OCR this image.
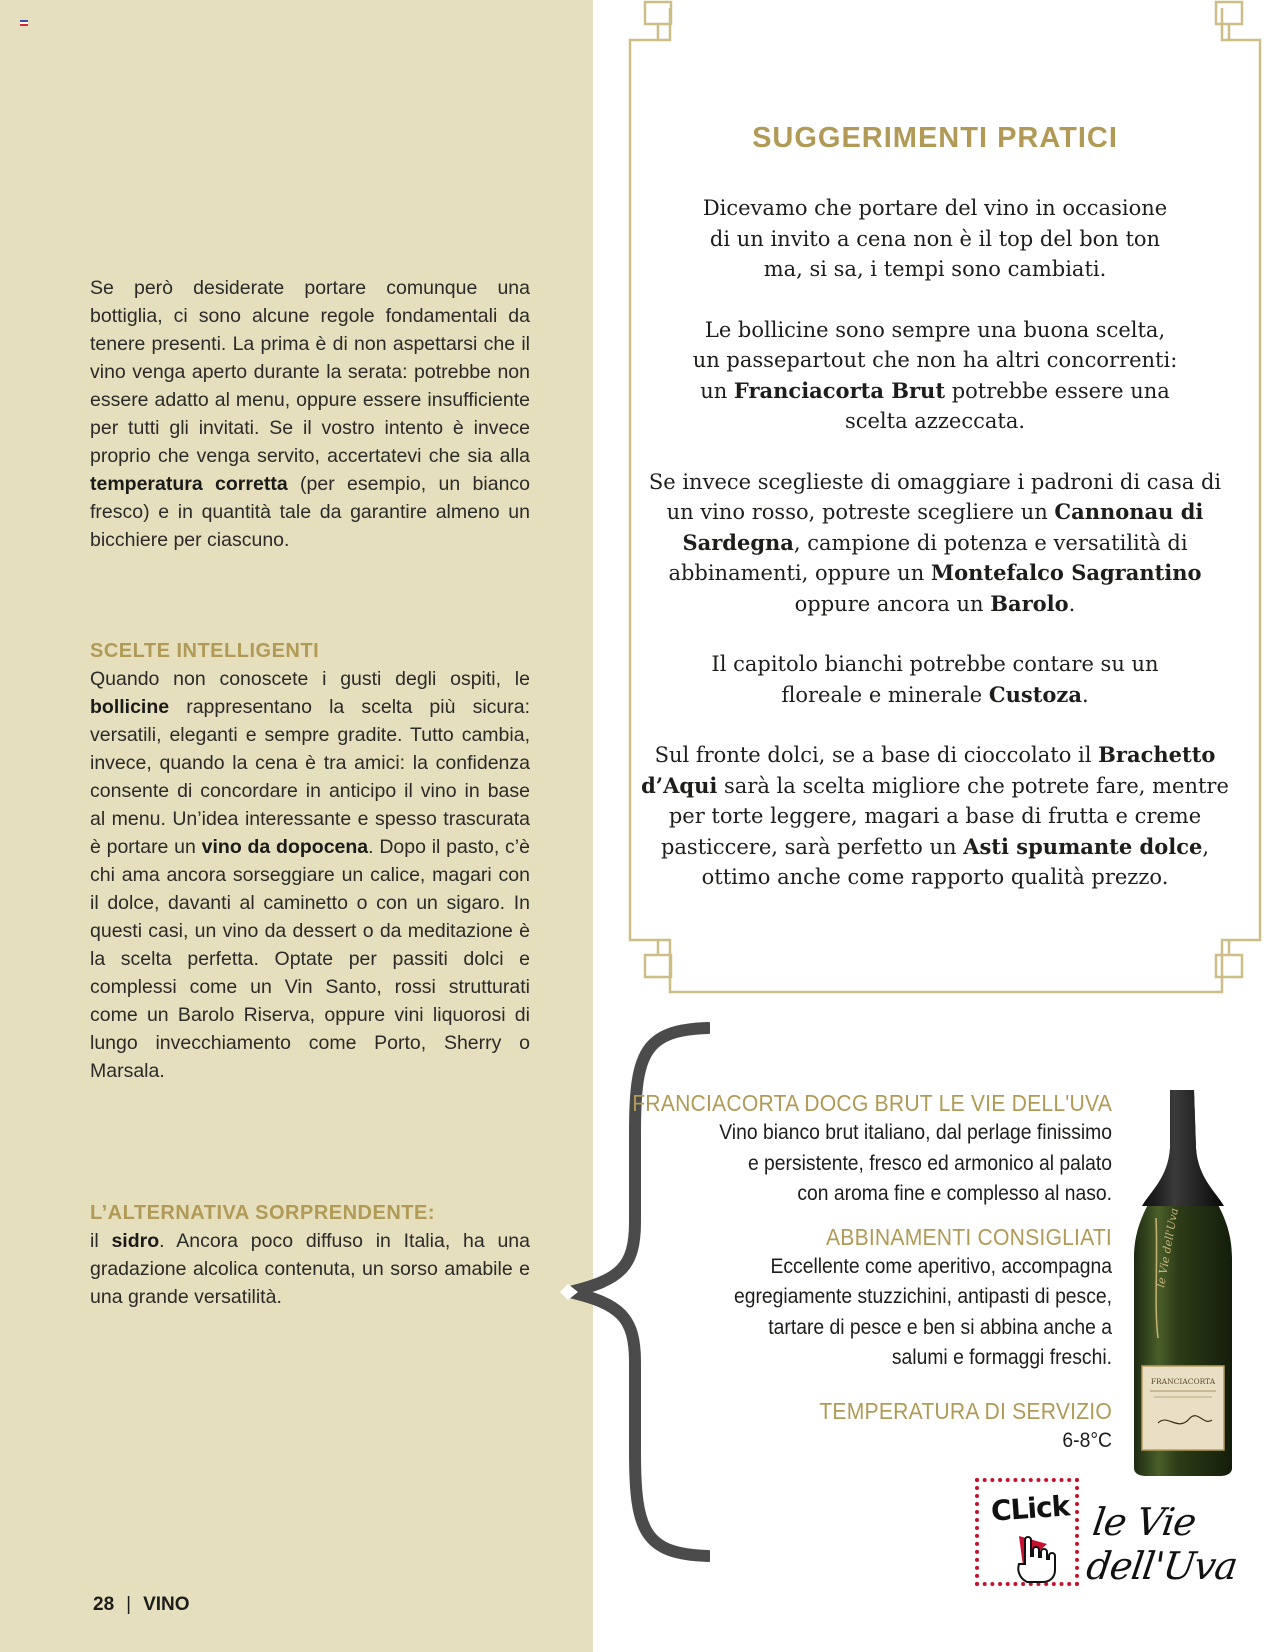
Se però desiderate portare comunque una bottiglia, ci sono alcune regole fondamentali da tenere presenti. La prima è di non aspettarsi che il vino venga aperto durante la serata: potrebbe non essere adatto al menu, oppure essere insufficiente per tutti gli invitati. Se il vostro intento è invece proprio che venga servito, accertatevi che sia alla temperatura corretta (per esempio, un bianco fresco) e in quantità tale da garantire almeno un bicchiere per ciascuno.
SCELTE INTELLIGENTI
Quando non conoscete i gusti degli ospiti, le bollicine rappresentano la scelta più sicura: versatili, eleganti e sempre gradite. Tutto cambia, invece, quando la cena è tra amici: la confidenza consente di concordare in anticipo il vino in base al menu. Un’idea interessante e spesso trascurata è portare un vino da dopocena. Dopo il pasto, c’è chi ama ancora sorseggiare un calice, magari con il dolce, davanti al caminetto o con un sigaro. In questi casi, un vino da dessert o da meditazione è la scelta perfetta. Optate per passiti dolci e complessi come un Vin Santo, rossi strutturati come un Barolo Riserva, oppure vini liquorosi di lungo invecchiamento come Porto, Sherry o Marsala.
L’ALTERNATIVA SORPRENDENTE:
il sidro. Ancora poco diffuso in Italia, ha una gradazione alcolica contenuta, un sorso amabile e una grande versatilità.
28 | VINO
SUGGERIMENTI PRATICI

Dicevamo che portare del vino in occasione di un invito a cena non è il top del bon ton ma, si sa, i tempi sono cambiati.

Le bollicine sono sempre una buona scelta, un passepartout che non ha altri concorrenti: un Franciacorta Brut potrebbe essere una scelta azzeccata.

Se invece sceglieste di omaggiare i padroni di casa di un vino rosso, potreste scegliere un Cannonau di Sardegna, campione di potenza e versatilità di abbinamenti, oppure un Montefalco Sagrantino oppure ancora un Barolo.

Il capitolo bianchi potrebbe contare su un floreale e minerale Custoza.

Sul fronte dolci, se a base di cioccolato il Brachetto d’Aqui sarà la scelta migliore che potrete fare, mentre per torte leggere, magari a base di frutta e creme pasticcere, sarà perfetto un Asti spumante dolce, ottimo anche come rapporto qualità prezzo.

FRANCIACORTA DOCG BRUT LE VIE DELL'UVA
Vino bianco brut italiano, dal perlage finissimo e persistente, fresco ed armonico al palato con aroma fine e complesso al naso.
ABBINAMENTI CONSIGLIATI
Eccellente come aperitivo, accompagna egregiamente stuzzichini, antipasti di pesce, tartare di pesce e ben si abbina anche a salumi e formaggi freschi.
TEMPERATURA DI SERVIZIO
6-8°C
le Vie dell'Uva
FRANCIACORTA
CLick le Vie dell'Uva
